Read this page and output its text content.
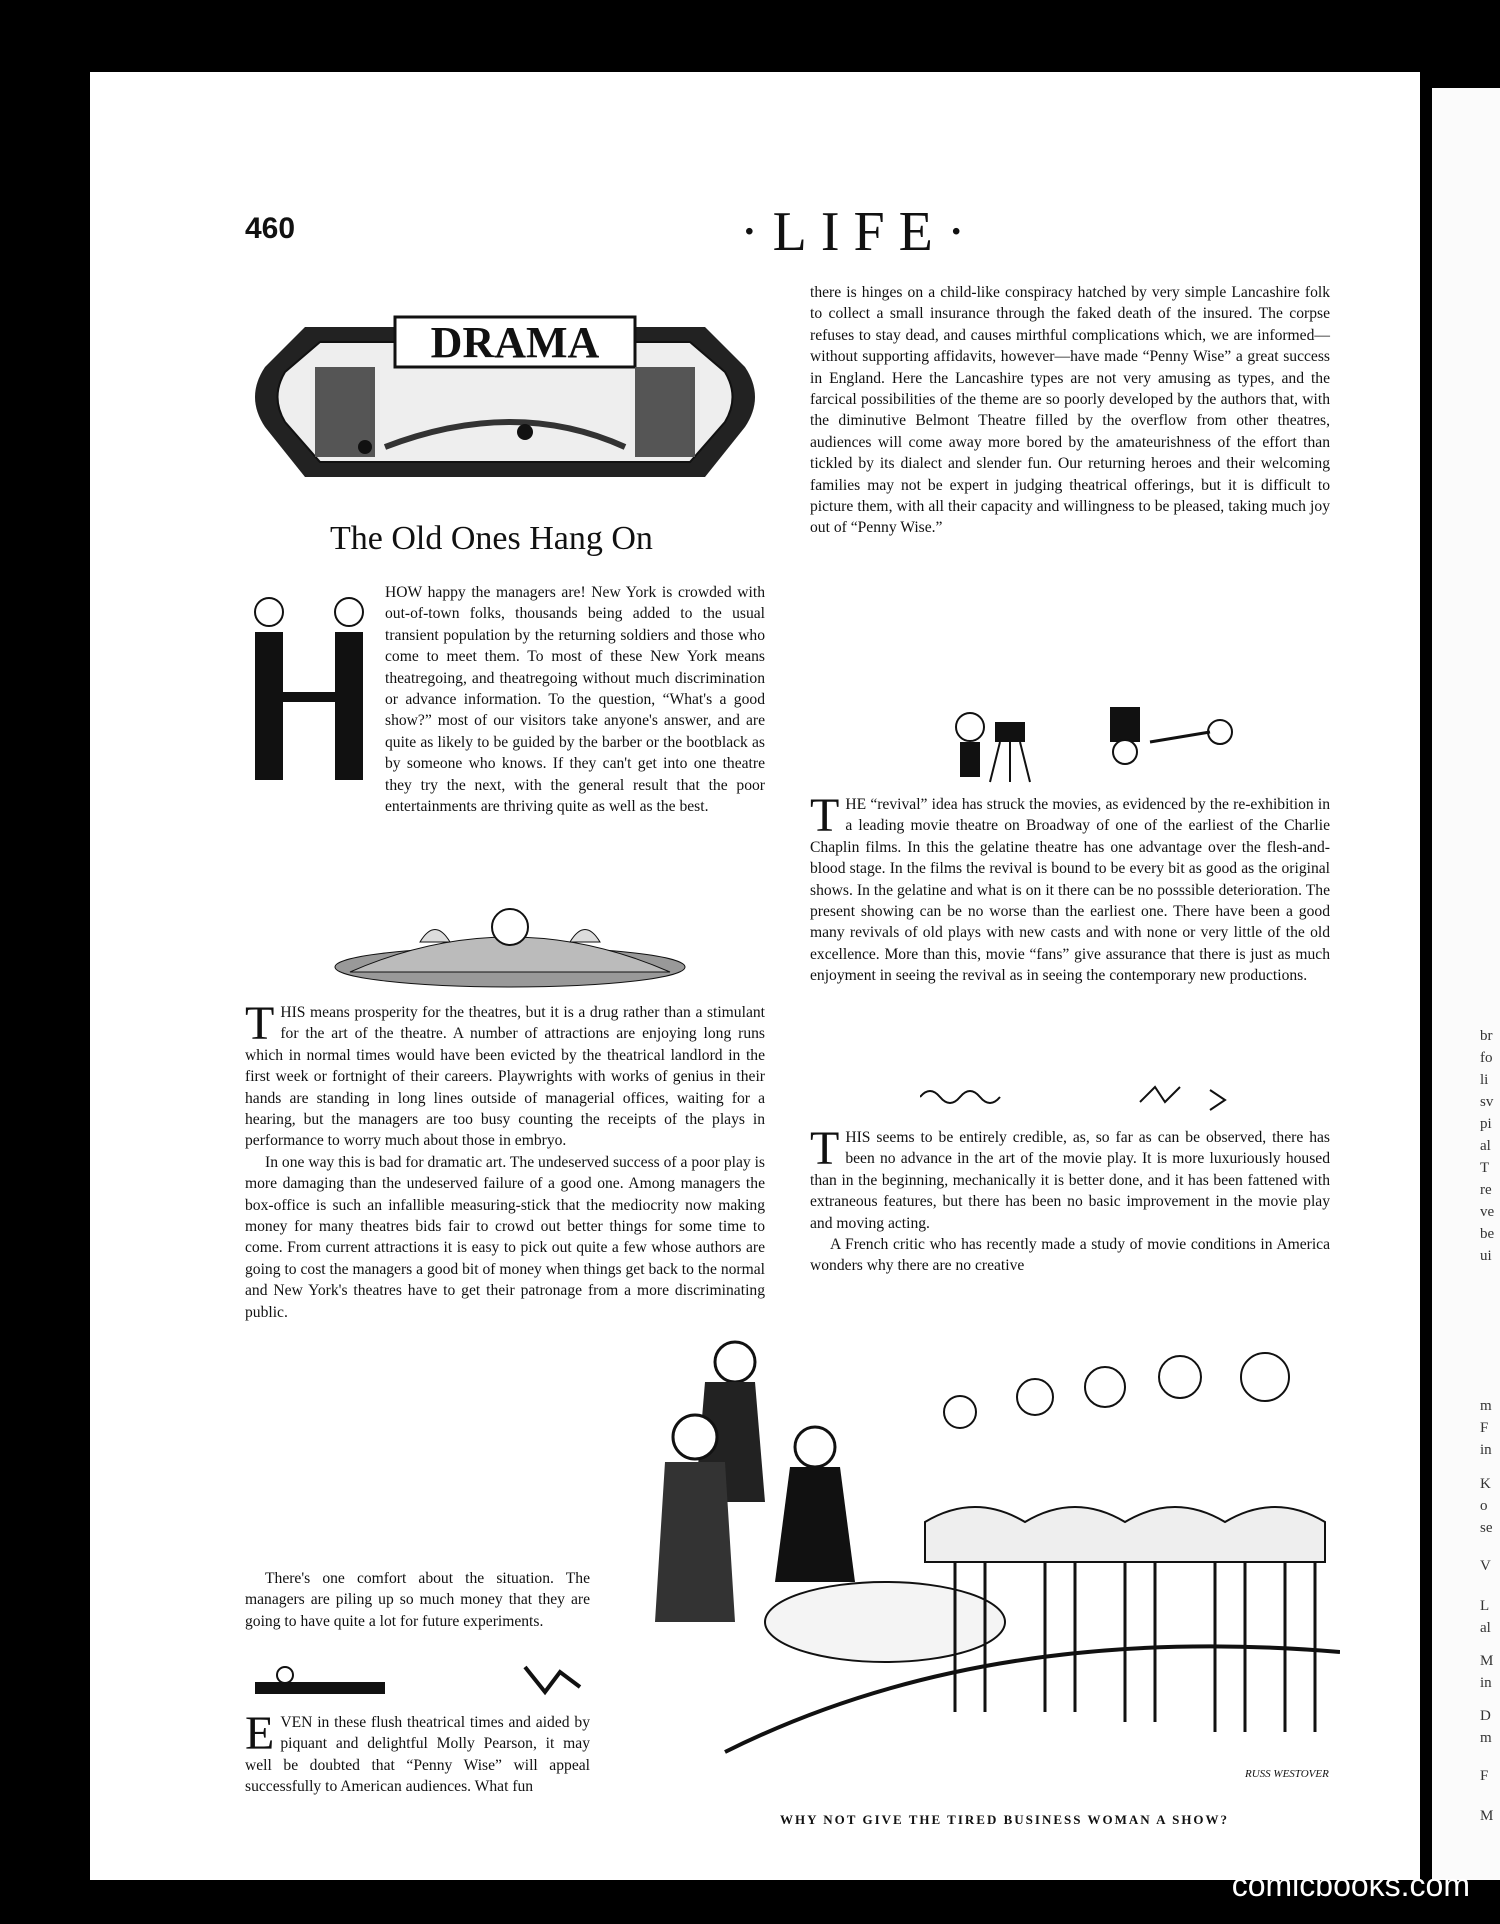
460	·LIFE·
DRAMA
The Old Ones Hang On

HOW happy the managers are! New York is crowded with out-of-town folks, thousands being added to the usual transient population by the returning soldiers and those who come to meet them. To most of these New York means theatregoing, and theatregoing without much discrimination or advance information. To the question, “What's a good show?” most of our visitors take anyone's answer, and are quite as likely to be guided by the barber or the bootblack as by someone who knows. If they can't get into one theatre they try the next, with the general result that the poor entertainments are thriving quite as well as the best.

THIS means prosperity for the theatres, but it is a drug rather than a stimulant for the art of the theatre. A number of attractions are enjoying long runs which in normal times would have been evicted by the theatrical landlord in the first week or fortnight of their careers. Playwrights with works of genius in their hands are standing in long lines outside of managerial offices, waiting for a hearing, but the managers are too busy counting the receipts of the plays in performance to worry much about those in embryo.

In one way this is bad for dramatic art. The undeserved success of a poor play is more damaging than the undeserved failure of a good one. Among managers the box-office is such an infallible measuring-stick that the mediocrity now making money for many theatres bids fair to crowd out better things for some time to come. From current attractions it is easy to pick out quite a few whose authors are going to cost the managers a good bit of money when things get back to the normal and New York's theatres have to get their patronage from a more discriminating public.

There's one comfort about the situation. The managers are piling up so much money that they are going to have quite a lot for future experiments.

EVEN in these flush theatrical times and aided by piquant and delightful Molly Pearson, it may well be doubted that “Penny Wise” will appeal successfully to American audiences. What fun

there is hinges on a child-like conspiracy hatched by very simple Lancashire folk to collect a small insurance through the faked death of the insured. The corpse refuses to stay dead, and causes mirthful complications which, we are informed—without supporting affidavits, however—have made “Penny Wise” a great success in England. Here the Lancashire types are not very amusing as types, and the farcical possibilities of the theme are so poorly developed by the authors that, with the diminutive Belmont Theatre filled by the overflow from other theatres, audiences will come away more bored by the amateurishness of the effort than tickled by its dialect and slender fun. Our returning heroes and their welcoming families may not be expert in judging theatrical offerings, but it is difficult to picture them, with all their capacity and willingness to be pleased, taking much joy out of “Penny Wise.”

THE “revival” idea has struck the movies, as evidenced by the re-exhibition in a leading movie theatre on Broadway of one of the earliest of the Charlie Chaplin films. In this the gelatine theatre has one advantage over the flesh-and-blood stage. In the films the revival is bound to be every bit as good as the original shows. In the gelatine and what is on it there can be no posssible deterioration. The present showing can be no worse than the earliest one. There have been a good many revivals of old plays with new casts and with none or very little of the old excellence. More than this, movie “fans” give assurance that there is just as much enjoyment in seeing the revival as in seeing the contemporary new productions.

THIS seems to be entirely credible, as, so far as can be observed, there has been no advance in the art of the movie play. It is more luxuriously housed than in the beginning, mechanically it is better done, and it has been fattened with extraneous features, but there has been no basic improvement in the movie play and moving acting.

A French critic who has recently made a study of movie conditions in America wonders why there are no creative

RUSS WESTOVER
WHY NOT GIVE THE TIRED BUSINESS WOMAN A SHOW?
br
fo
li
sv
pi
al
T
re
ve
be
ui
m
F
in
K
o
se
V
L
al
M
in
D
m
F
M
comicbooks.com
